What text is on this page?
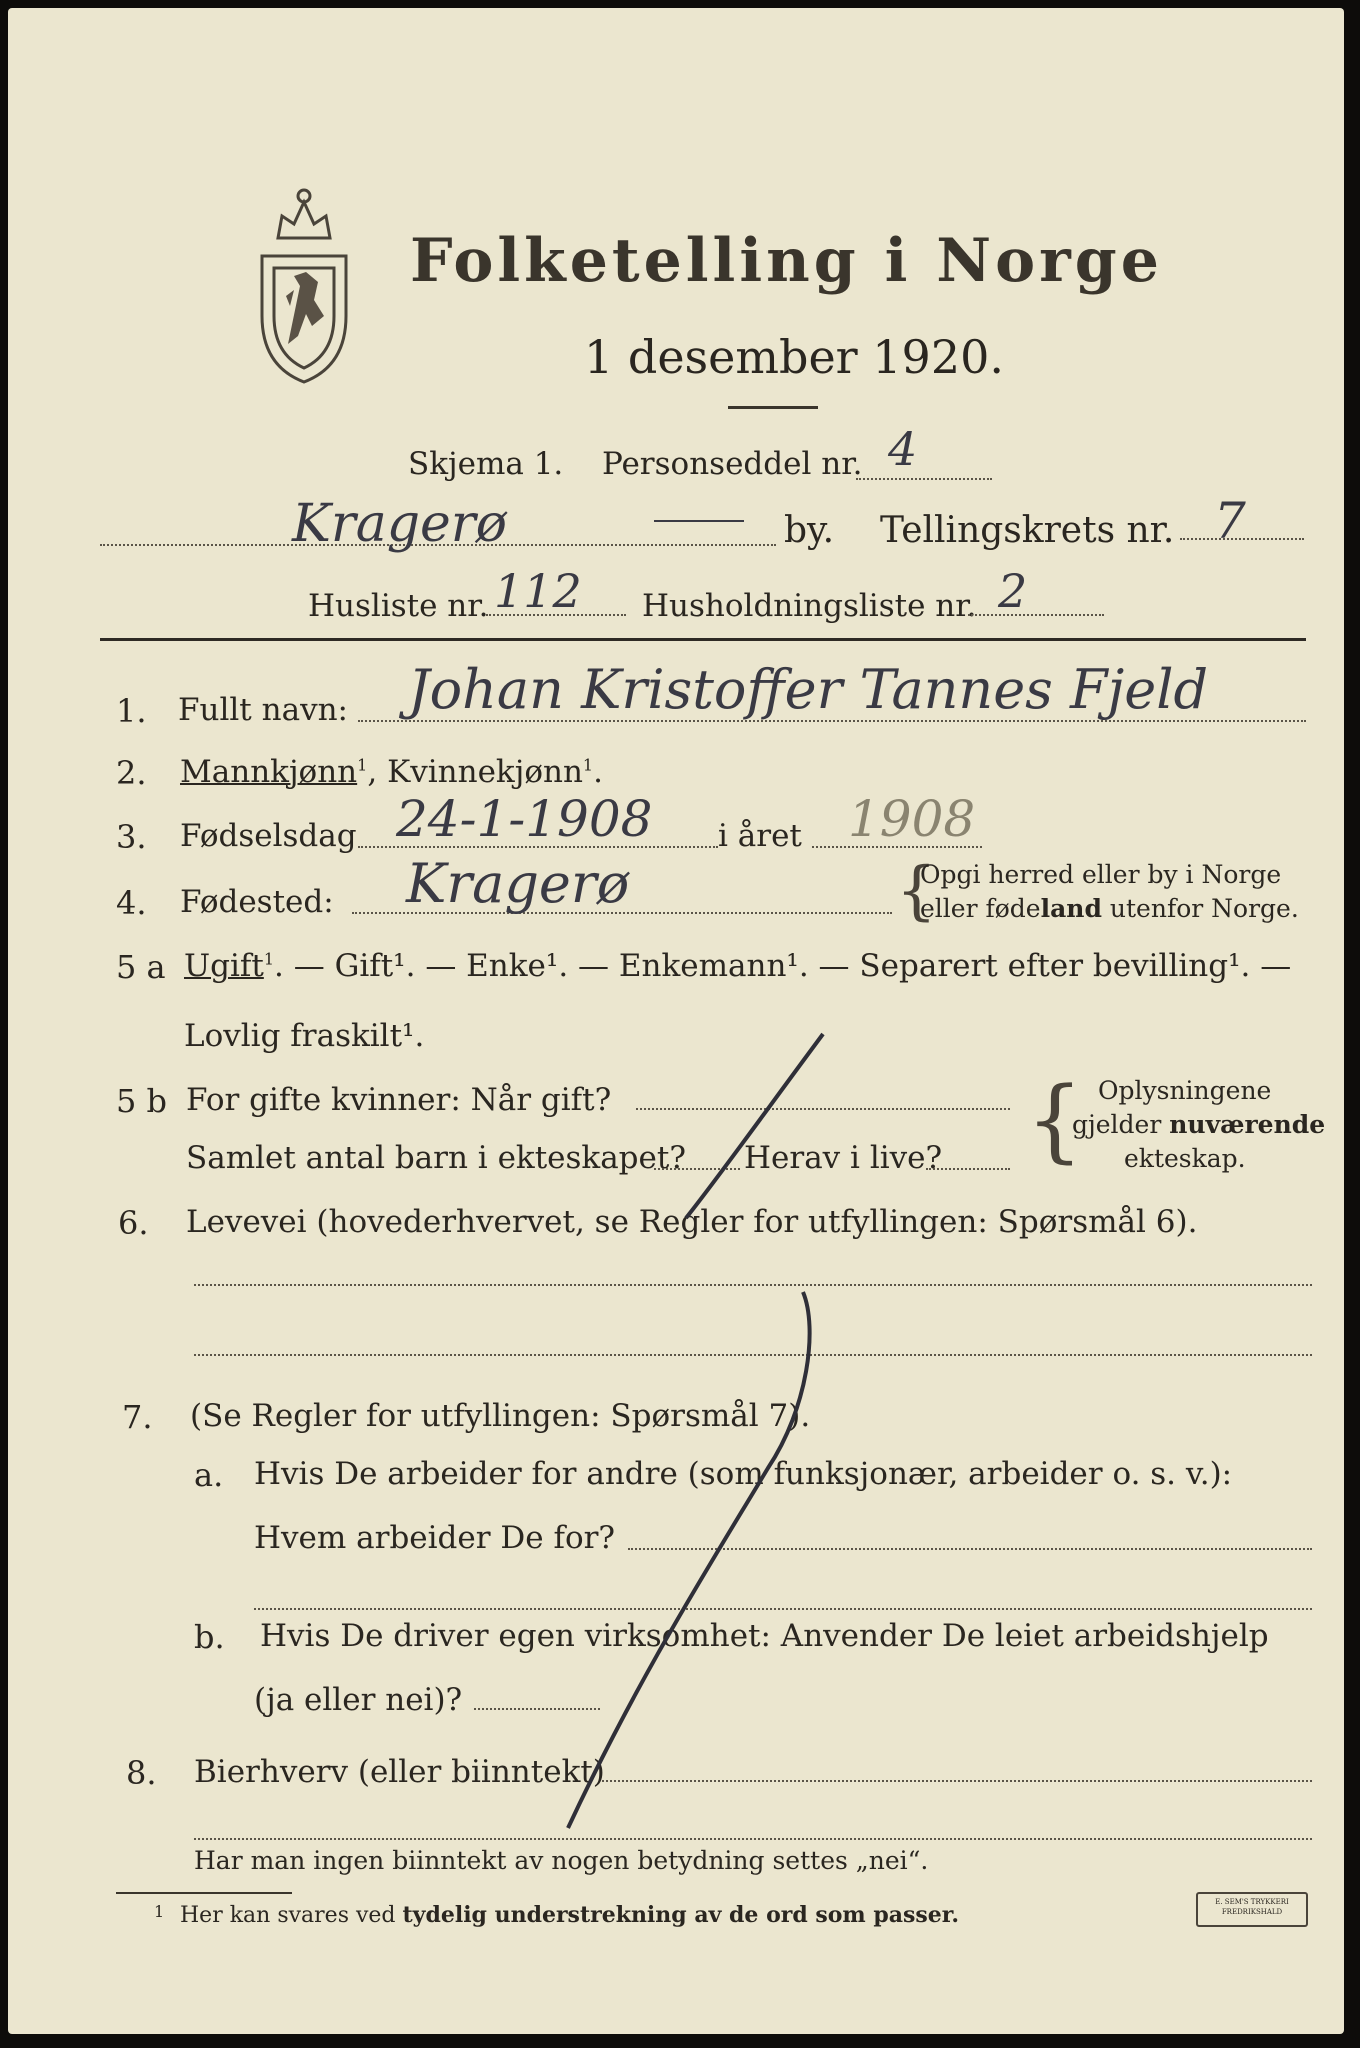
Folketelling i Norge
1 desember 1920.
Skjema 1. Personseddel nr. 4
Kragerø	by. Tellingskrets nr. 7
Husliste nr. 112 Husholdningsliste nr. 2
1. Fullt navn: Johan Kristoffer Tannes Fjeld
2. Mannkjønn$^1$, Kvinnekjønn$^1$.
3. Fødselsdag 24-1-1908 i året 1908
4. Fødested: Kragerø	{
Opgi herred eller by i Norge
eller fødeland utenfor Norge.
5 a Ugift$^1$. — Gift¹. — Enke¹. — Enkemann¹. — Separert efter bevilling¹. —
Lovlig fraskilt¹.
5 b For gifte kvinner: Når gift?
Samlet antal barn i ekteskapet? Herav i live? { Oplysningene
gjelder nuværende
ekteskap.
6. Levevei (hovederhvervet, se Regler for utfyllingen: Spørsmål 6).
7. (Se Regler for utfyllingen: Spørsmål 7).
a. Hvis De arbeider for andre (som funksjonær, arbeider o. s. v.):
Hvem arbeider De for?
b. Hvis De driver egen virksomhet: Anvender De leiet arbeidshjelp
(ja eller nei)?
8. Bierhverv (eller biinntekt)
Har man ingen biinntekt av nogen betydning settes „nei“.
1 Her kan svares ved tydelig understrekning av de ord som passer.	E. SEM'S TRYKKERI
FREDRIKSHALD
